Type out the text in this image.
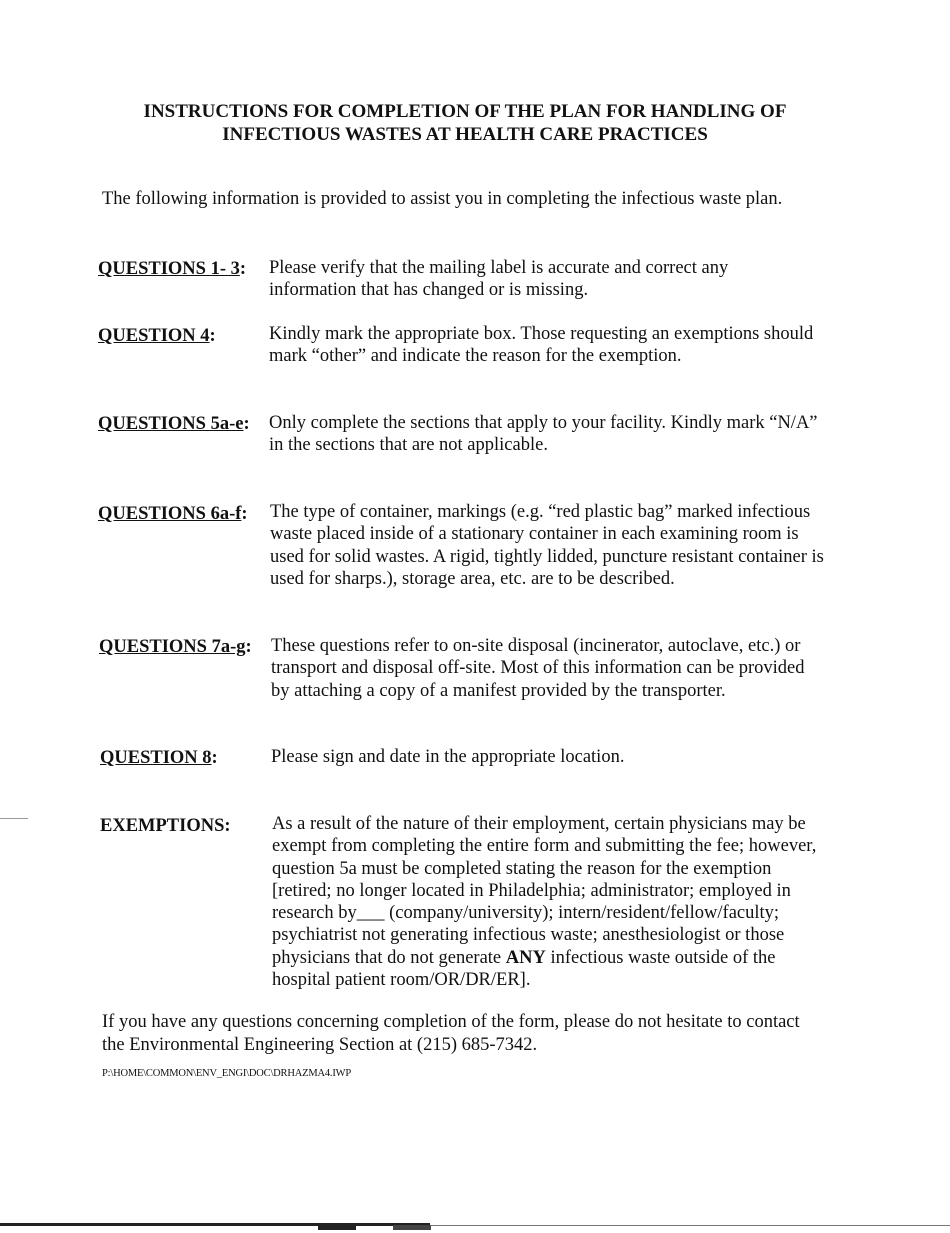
INSTRUCTIONS FOR COMPLETION OF THE PLAN FOR HANDLING OF
INFECTIOUS WASTES AT HEALTH CARE PRACTICES
The following information is provided to assist you in completing the infectious waste plan.
QUESTIONS 1- 3: Please verify that the mailing label is accurate and correct any
information that has changed or is missing.
QUESTION 4:	Kindly mark the appropriate box. Those requesting an exemptions should
mark “other” and indicate the reason for the exemption.
QUESTIONS 5a-e: Only complete the sections that apply to your facility. Kindly mark “N/A”
in the sections that are not applicable.
QUESTIONS 6a-f: The type of container, markings (e.g. “red plastic bag” marked infectious
waste placed inside of a stationary container in each examining room is
used for solid wastes. A rigid, tightly lidded, puncture resistant container is
used for sharps.), storage area, etc. are to be described.
QUESTIONS 7a-g: These questions refer to on-site disposal (incinerator, autoclave, etc.) or
transport and disposal off-site. Most of this information can be provided
by attaching a copy of a manifest provided by the transporter.
QUESTION 8:	Please sign and date in the appropriate location.
EXEMPTIONS: As a result of the nature of their employment, certain physicians may be
exempt from completing the entire form and submitting the fee; however,
question 5a must be completed stating the reason for the exemption
[retired; no longer located in Philadelphia; administrator; employed in
research by___ (company/university); intern/resident/fellow/faculty;
psychiatrist not generating infectious waste; anesthesiologist or those
physicians that do not generate ANY infectious waste outside of the
hospital patient room/OR/DR/ER].
If you have any questions concerning completion of the form, please do not hesitate to contact
the Environmental Engineering Section at (215) 685-7342.
P:\HOME\COMMON\ENV_ENGI\DOC\DRHAZMA4.IWP
